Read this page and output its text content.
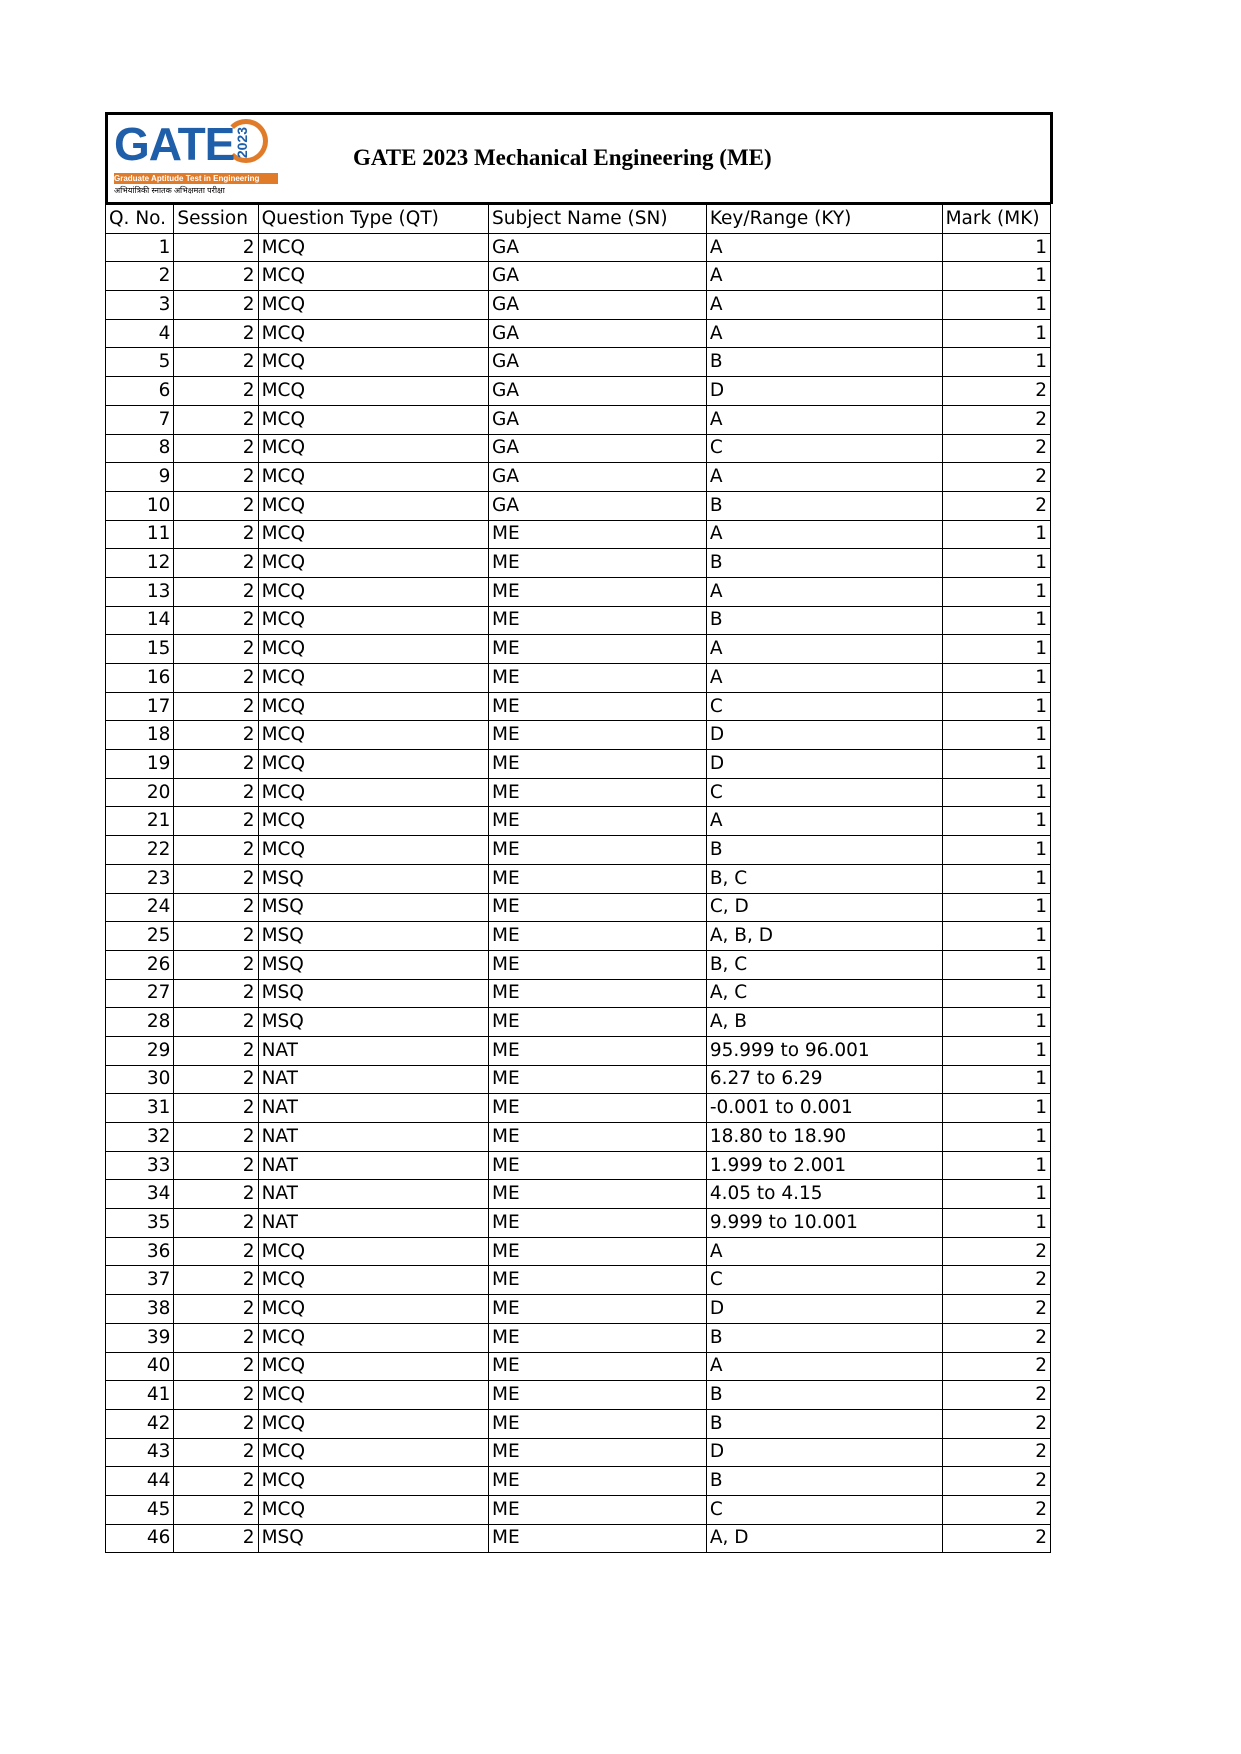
GATE 2023
Graduate Aptitude Test in Engineering
अभियांत्रिकी स्नातक अभिक्षमता परीक्षा
GATE 2023 Mechanical Engineering (ME)
Q. No.	Session	Question Type (QT)	Subject Name (SN)	Key/Range (KY)	Mark (MK)
1	2	MCQ	GA	A	1
2	2	MCQ	GA	A	1
3	2	MCQ	GA	A	1
4	2	MCQ	GA	A	1
5	2	MCQ	GA	B	1
6	2	MCQ	GA	D	2
7	2	MCQ	GA	A	2
8	2	MCQ	GA	C	2
9	2	MCQ	GA	A	2
10	2	MCQ	GA	B	2
11	2	MCQ	ME	A	1
12	2	MCQ	ME	B	1
13	2	MCQ	ME	A	1
14	2	MCQ	ME	B	1
15	2	MCQ	ME	A	1
16	2	MCQ	ME	A	1
17	2	MCQ	ME	C	1
18	2	MCQ	ME	D	1
19	2	MCQ	ME	D	1
20	2	MCQ	ME	C	1
21	2	MCQ	ME	A	1
22	2	MCQ	ME	B	1
23	2	MSQ	ME	B, C	1
24	2	MSQ	ME	C, D	1
25	2	MSQ	ME	A, B, D	1
26	2	MSQ	ME	B, C	1
27	2	MSQ	ME	A, C	1
28	2	MSQ	ME	A, B	1
29	2	NAT	ME	95.999 to 96.001	1
30	2	NAT	ME	6.27 to 6.29	1
31	2	NAT	ME	-0.001 to 0.001	1
32	2	NAT	ME	18.80 to 18.90	1
33	2	NAT	ME	1.999 to 2.001	1
34	2	NAT	ME	4.05 to 4.15	1
35	2	NAT	ME	9.999 to 10.001	1
36	2	MCQ	ME	A	2
37	2	MCQ	ME	C	2
38	2	MCQ	ME	D	2
39	2	MCQ	ME	B	2
40	2	MCQ	ME	A	2
41	2	MCQ	ME	B	2
42	2	MCQ	ME	B	2
43	2	MCQ	ME	D	2
44	2	MCQ	ME	B	2
45	2	MCQ	ME	C	2
46	2	MSQ	ME	A, D	2
